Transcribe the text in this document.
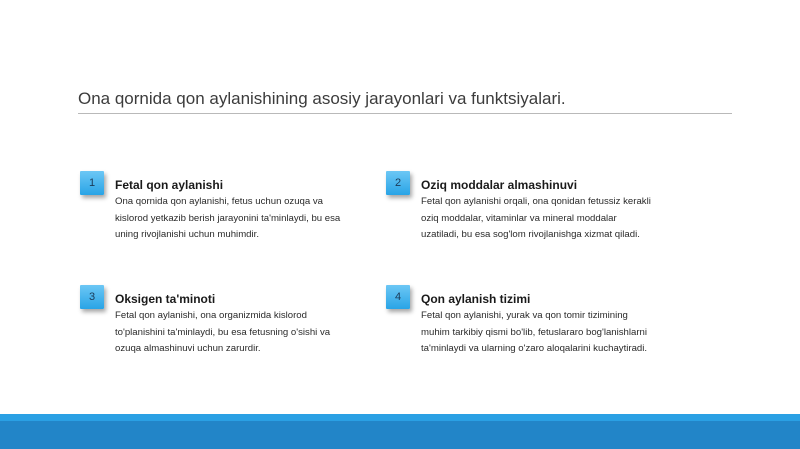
Ona qornida qon aylanishining asosiy jarayonlari va funktsiyalari.
1	Fetal qon aylanishi
Ona qornida qon aylanishi, fetus uchun ozuqa va
kislorod yetkazib berish jarayonini ta'minlaydi, bu esa
uning rivojlanishi uchun muhimdir.
2	Oziq moddalar almashinuvi
Fetal qon aylanishi orqali, ona qonidan fetussiz kerakli
oziq moddalar, vitaminlar va mineral moddalar
uzatiladi, bu esa sog'lom rivojlanishga xizmat qiladi.
3	Oksigen ta'minoti
Fetal qon aylanishi, ona organizmida kislorod
to'planishini ta'minlaydi, bu esa fetusning o'sishi va
ozuqa almashinuvi uchun zarurdir.
4	Qon aylanish tizimi
Fetal qon aylanishi, yurak va qon tomir tizimining
muhim tarkibiy qismi bo'lib, fetuslararo bog'lanishlarni
ta'minlaydi va ularning o'zaro aloqalarini kuchaytiradi.
